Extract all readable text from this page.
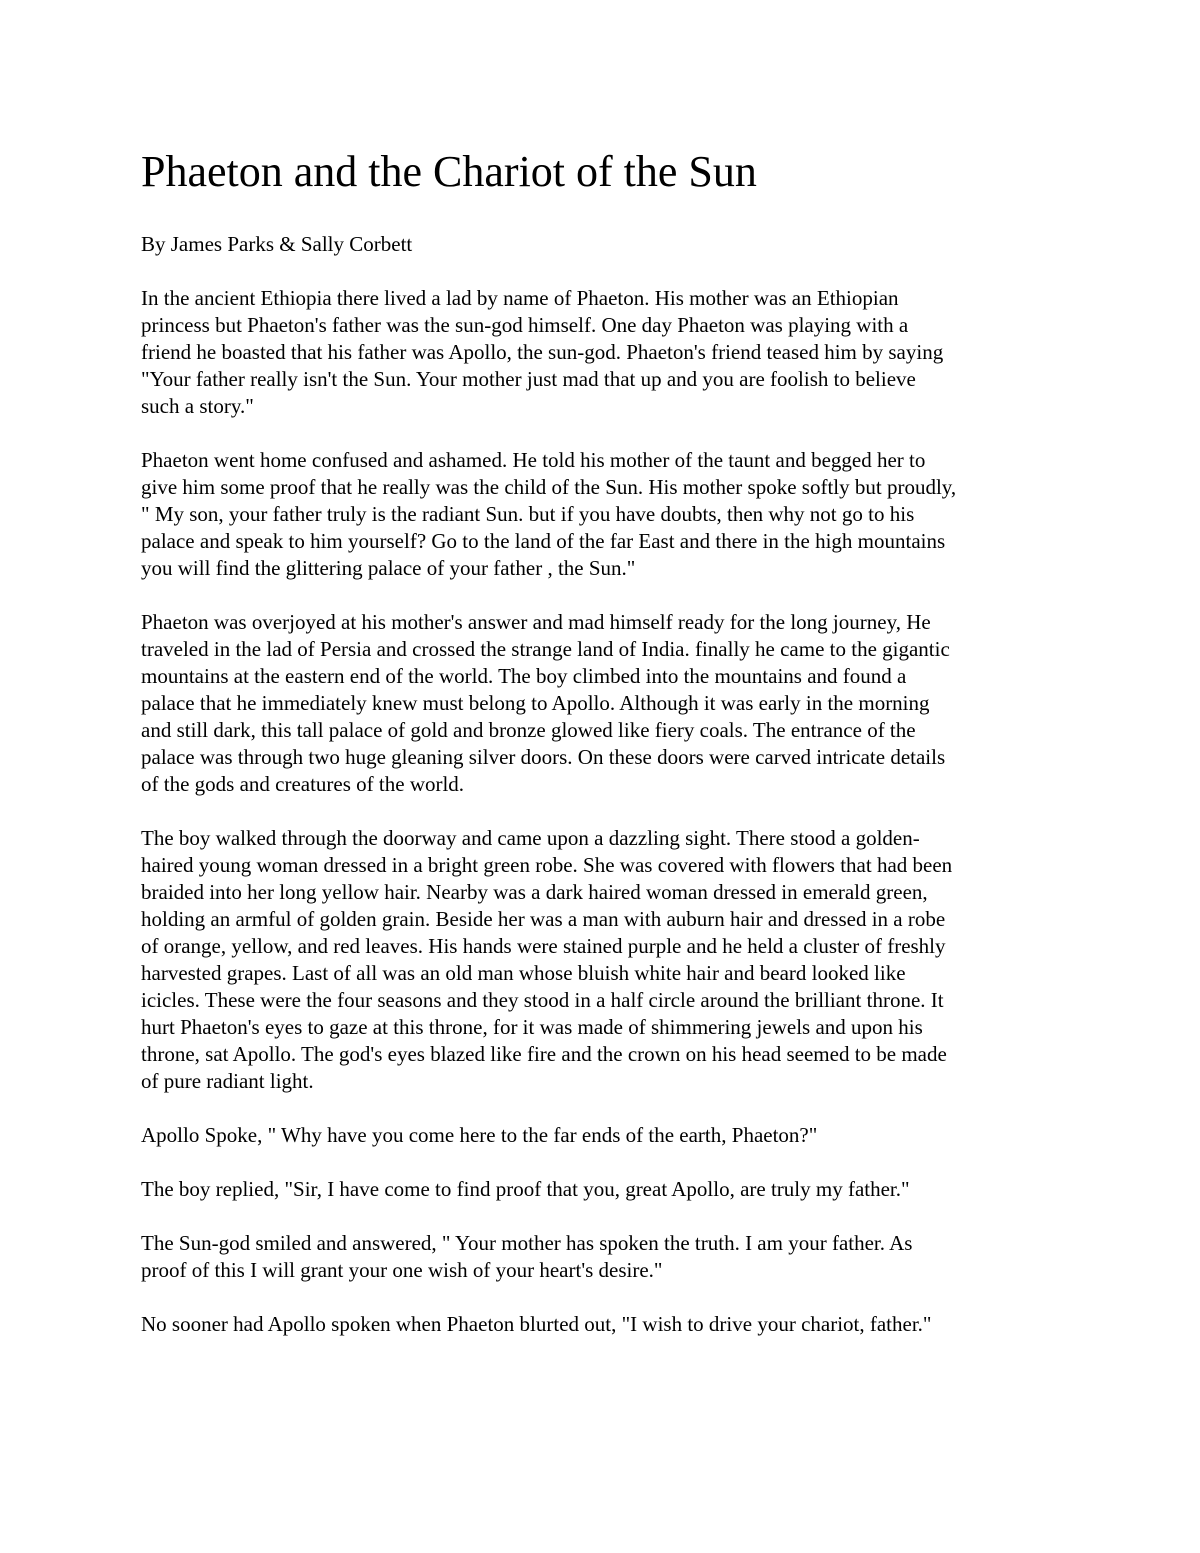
Phaeton and the Chariot of the Sun

By James Parks & Sally Corbett

In the ancient Ethiopia there lived a lad by name of Phaeton. His mother was an Ethiopian
princess but Phaeton's father was the sun-god himself. One day Phaeton was playing with a
friend he boasted that his father was Apollo, the sun-god. Phaeton's friend teased him by saying
"Your father really isn't the Sun. Your mother just mad that up and you are foolish to believe
such a story."

Phaeton went home confused and ashamed. He told his mother of the taunt and begged her to
give him some proof that he really was the child of the Sun. His mother spoke softly but proudly,
" My son, your father truly is the radiant Sun. but if you have doubts, then why not go to his
palace and speak to him yourself? Go to the land of the far East and there in the high mountains
you will find the glittering palace of your father , the Sun."

Phaeton was overjoyed at his mother's answer and mad himself ready for the long journey, He
traveled in the lad of Persia and crossed the strange land of India. finally he came to the gigantic
mountains at the eastern end of the world. The boy climbed into the mountains and found a
palace that he immediately knew must belong to Apollo. Although it was early in the morning
and still dark, this tall palace of gold and bronze glowed like fiery coals. The entrance of the
palace was through two huge gleaning silver doors. On these doors were carved intricate details
of the gods and creatures of the world.

The boy walked through the doorway and came upon a dazzling sight. There stood a golden-
haired young woman dressed in a bright green robe. She was covered with flowers that had been
braided into her long yellow hair. Nearby was a dark haired woman dressed in emerald green,
holding an armful of golden grain. Beside her was a man with auburn hair and dressed in a robe
of orange, yellow, and red leaves. His hands were stained purple and he held a cluster of freshly
harvested grapes. Last of all was an old man whose bluish white hair and beard looked like
icicles. These were the four seasons and they stood in a half circle around the brilliant throne. It
hurt Phaeton's eyes to gaze at this throne, for it was made of shimmering jewels and upon his
throne, sat Apollo. The god's eyes blazed like fire and the crown on his head seemed to be made
of pure radiant light.

Apollo Spoke, " Why have you come here to the far ends of the earth, Phaeton?"

The boy replied, "Sir, I have come to find proof that you, great Apollo, are truly my father."

The Sun-god smiled and answered, " Your mother has spoken the truth. I am your father. As
proof of this I will grant your one wish of your heart's desire."

No sooner had Apollo spoken when Phaeton blurted out, "I wish to drive your chariot, father."
